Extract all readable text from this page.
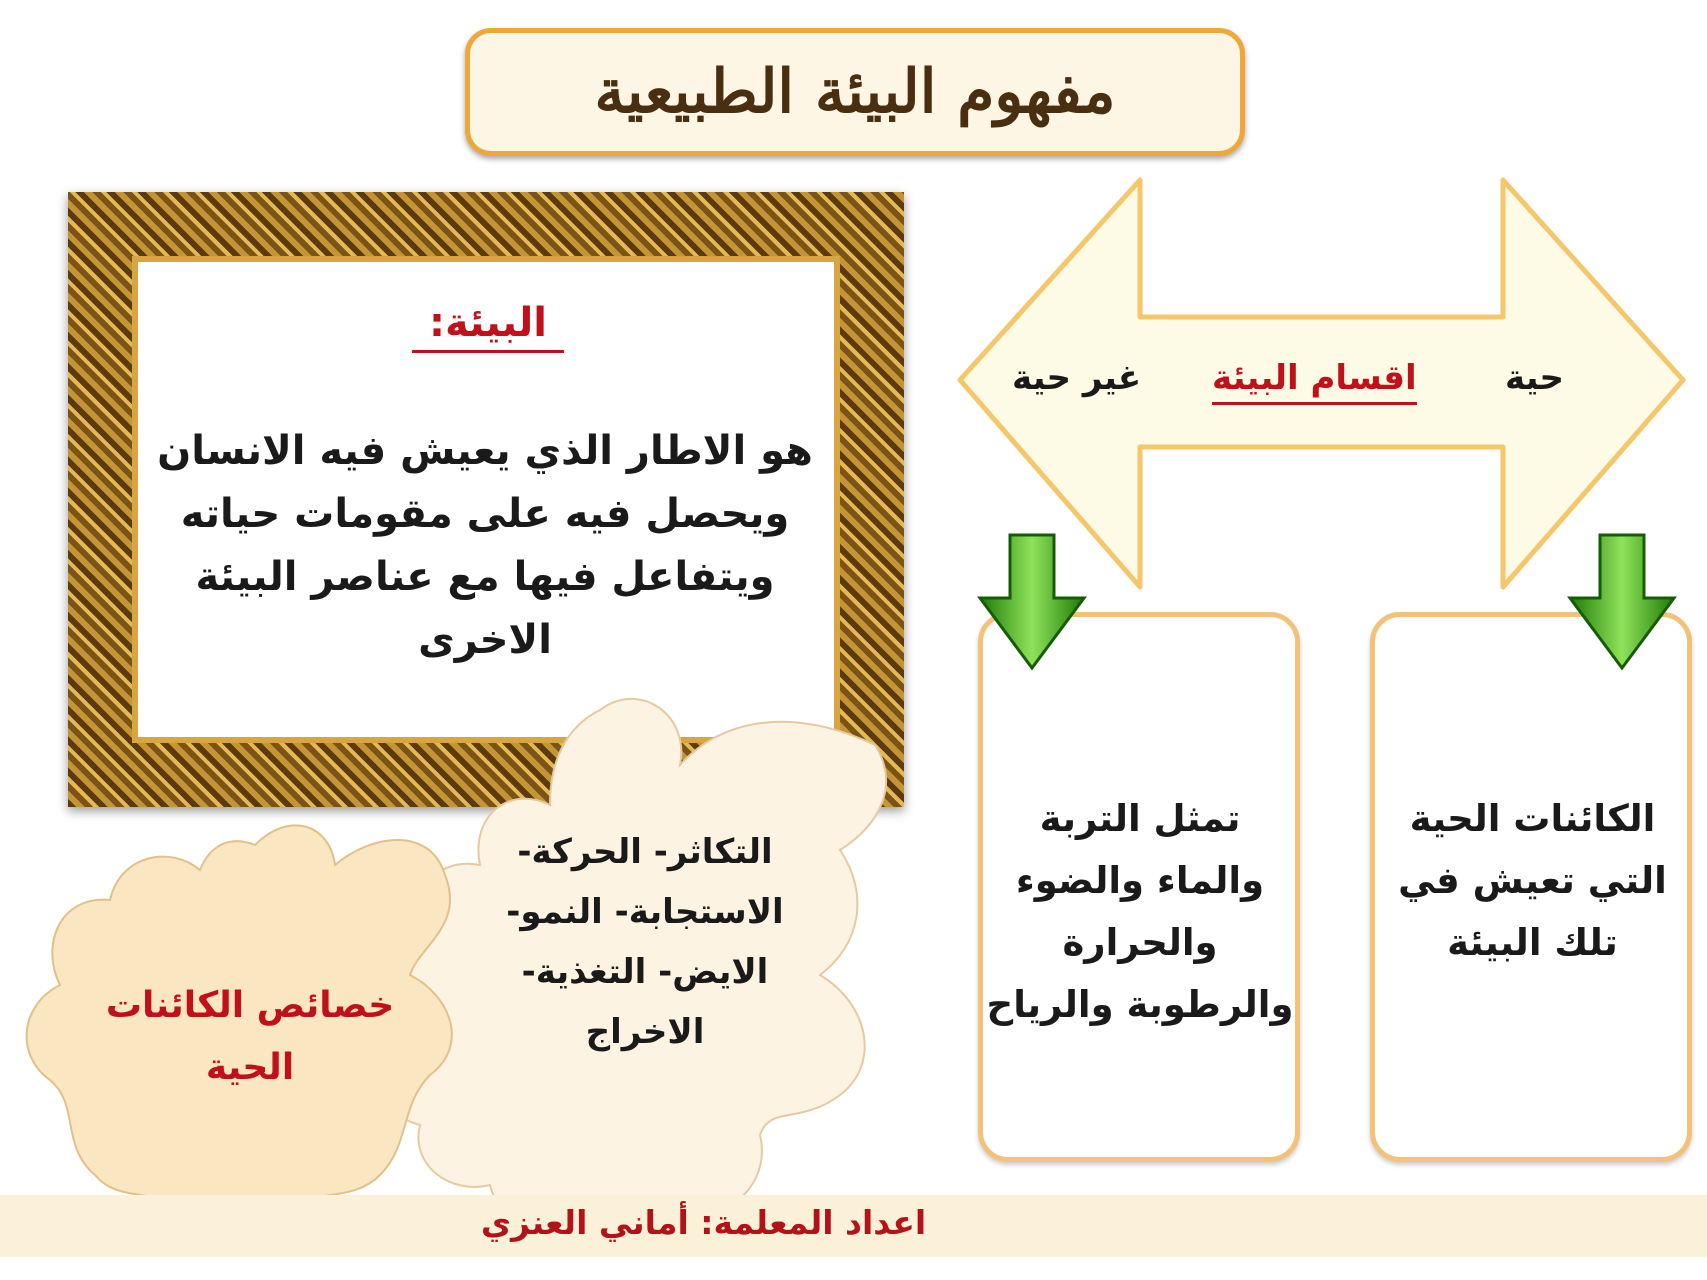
مفهوم البيئة الطبيعية
البيئة:
هو الاطار الذي يعيش فيه الانسان ويحصل فيه على مقومات حياته ويتفاعل فيها مع عناصر البيئة الاخرى
حية
اقسام البيئة
غير حية
تمثل التربة والماء والضوء والحرارة والرطوبة والرياح
الكائنات الحية التي تعيش في تلك البيئة
التكاثر- الحركة- الاستجابة- النمو- الايض- التغذية- الاخراج
خصائص الكائنات الحية
اعداد المعلمة: أماني العنزي
